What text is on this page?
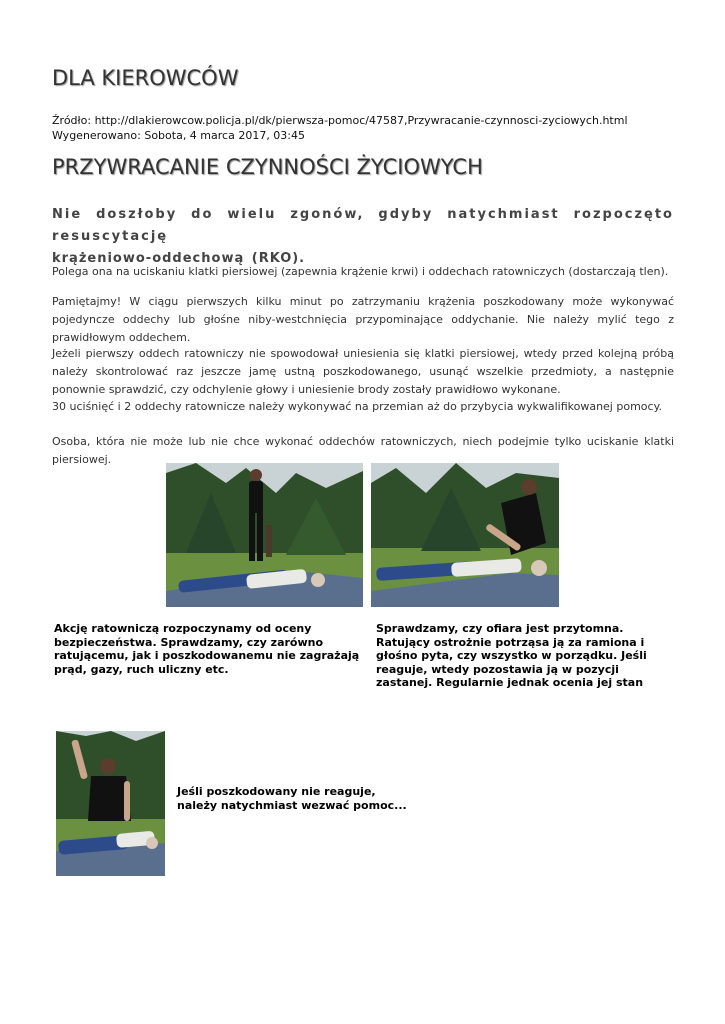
DLA KIEROWCÓW
Źródło: http://dlakierowcow.policja.pl/dk/pierwsza-pomoc/47587,Przywracanie-czynnosci-zyciowych.html
Wygenerowano: Sobota, 4 marca 2017, 03:45
PRZYWRACANIE CZYNNOŚCI ŻYCIOWYCH
Nie doszłoby do wielu zgonów, gdyby natychmiast rozpoczęto resuscytację
krążeniowo-oddechową (RKO).
Polega ona na uciskaniu klatki piersiowej (zapewnia krążenie krwi) i oddechach ratowniczych (dostarczają tlen).
Pamiętajmy! W ciągu pierwszych kilku minut po zatrzymaniu krążenia poszkodowany może wykonywać pojedyncze oddechy lub głośne niby-westchnięcia przypominające oddychanie. Nie należy mylić tego z prawidłowym oddechem.
Jeżeli pierwszy oddech ratowniczy nie spowodował uniesienia się klatki piersiowej, wtedy przed kolejną próbą należy skontrolować raz jeszcze jamę ustną poszkodowanego, usunąć wszelkie przedmioty, a następnie ponownie sprawdzić, czy odchylenie głowy i uniesienie brody zostały prawidłowo wykonane.
30 uciśnięć i 2 oddechy ratownicze należy wykonywać na przemian aż do przybycia wykwalifikowanej pomocy.
Osoba, która nie może lub nie chce wykonać oddechów ratowniczych, niech podejmie tylko uciskanie klatki piersiowej.
Akcję ratowniczą rozpoczynamy od oceny bezpieczeństwa. Sprawdzamy, czy zarówno ratującemu, jak i poszkodowanemu nie zagrażają prąd, gazy, ruch uliczny etc.
Sprawdzamy, czy ofiara jest przytomna. Ratujący ostrożnie potrząsa ją za ramiona i głośno pyta, czy wszystko w porządku. Jeśli reaguje, wtedy pozostawia ją w pozycji zastanej. Regularnie jednak ocenia jej stan
Jeśli poszkodowany nie reaguje, należy natychmiast wezwać pomoc...
